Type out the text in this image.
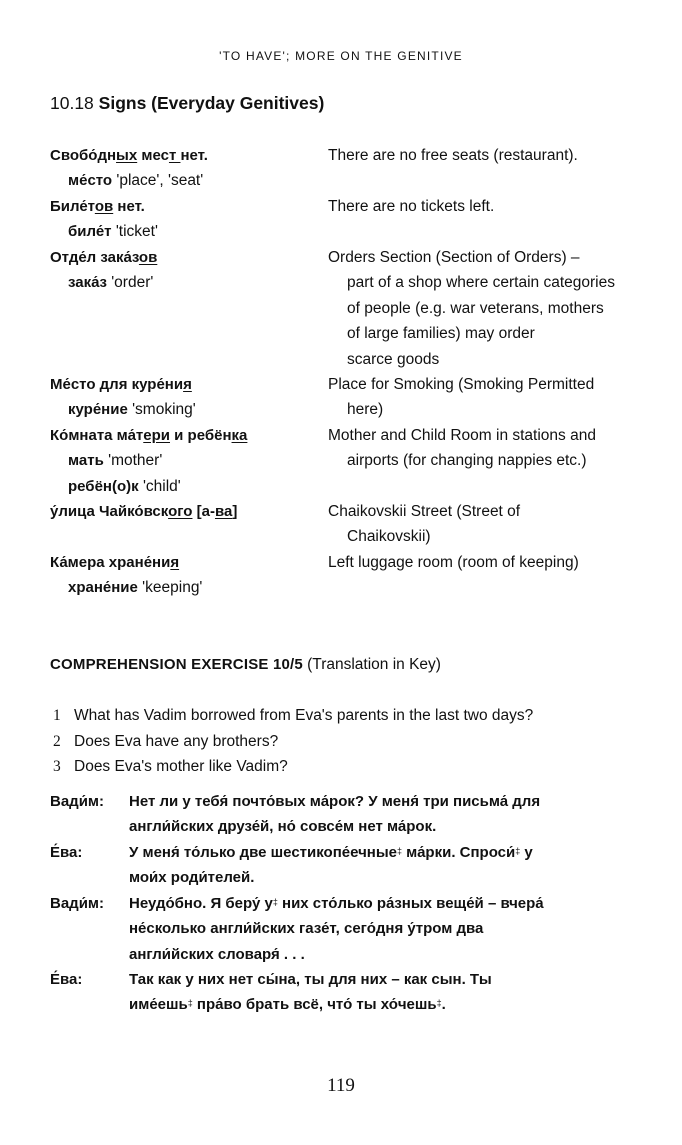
'TO HAVE'; MORE ON THE GENITIVE
10.18 Signs (Everyday Genitives)
Свобо́дных мест нет.
ме́сто 'place', 'seat'
There are no free seats (restaurant).
Биле́тов нет.
биле́т 'ticket'
There are no tickets left.
Отде́л зака́зов
зака́з 'order'
Orders Section (Section of Orders) –
part of a shop where certain categories
of people (e.g. war veterans, mothers
of large families) may order
scarce goods
Ме́сто для куре́ния
куре́ние 'smoking'
Place for Smoking (Smoking Permitted
here)
Ко́мната ма́тери и ребёнка
мать 'mother'
ребён(о)к 'child'
Mother and Child Room in stations and
airports (for changing nappies etc.)
у́лица Чайко́вского [а-ва]	Chaikovskii Street (Street of
Chaikovskii)
Ка́мера хране́ния
хране́ние 'keeping'
Left luggage room (room of keeping)
COMPREHENSION EXERCISE 10/5 (Translation in Key)
1 What has Vadim borrowed from Eva's parents in the last two days?
2 Does Eva have any brothers?
3 Does Eva's mother like Vadim?
Вади́м: Нет ли у тебя́ почто́вых ма́рок? У меня́ три письма́ для
англи́йских друзе́й, но́ совсе́м нет ма́рок.
Е́ва:	У меня́ то́лько две шестикопе́ечные‡ ма́рки. Спроси́‡ у
мои́х роди́телей.
Вади́м: Неудо́бно. Я беру́ у‡ них сто́лько ра́зных веще́й – вчера́
не́сколько англи́йских газе́т, сего́дня у́тром два
англи́йских словаря́ . . .
Е́ва:	Так как у них нет сы́на, ты для них – как сын. Ты
име́ешь‡ пра́во брать всё, что́ ты хо́чешь‡.
119
